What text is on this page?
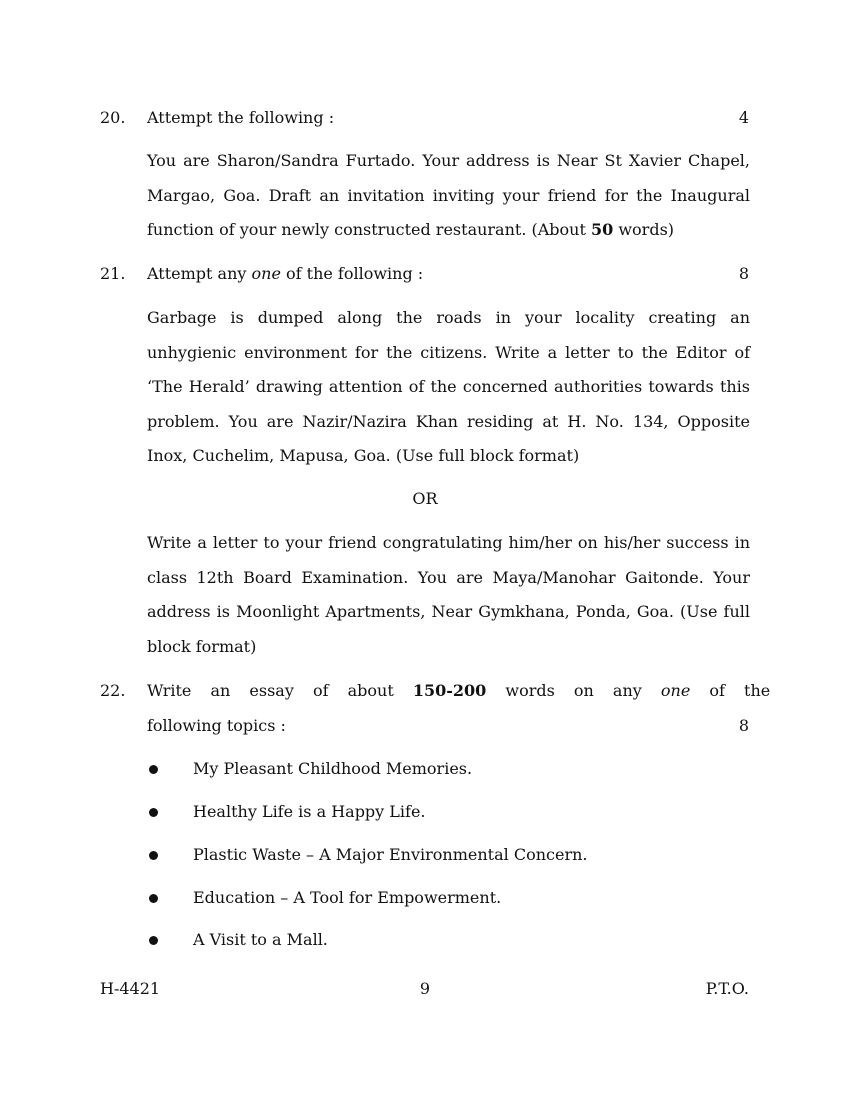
20. Attempt the following :	4

You are Sharon/Sandra Furtado. Your address is Near St Xavier Chapel, Margao, Goa. Draft an invitation inviting your friend for the Inaugural function of your newly constructed restaurant. (About 50 words)

21. Attempt any one of the following :	8

Garbage is dumped along the roads in your locality creating an unhygienic environment for the citizens. Write a letter to the Editor of ‘The Herald’ drawing attention of the concerned authorities towards this problem. You are Nazir/Nazira Khan residing at H. No. 134, Opposite Inox, Cuchelim, Mapusa, Goa. (Use full block format)

OR

Write a letter to your friend congratulating him/her on his/her success in class 12th Board Examination. You are Maya/Manohar Gaitonde. Your address is Moonlight Apartments, Near Gymkhana, Ponda, Goa. (Use full block format)

22. Write an essay of about 150-200 words on any one of the
following topics :	8
My Pleasant Childhood Memories.
Healthy Life is a Happy Life.
Plastic Waste – A Major Environmental Concern.
Education – A Tool for Empowerment.
A Visit to a Mall.
H-4421	9	P.T.O.
